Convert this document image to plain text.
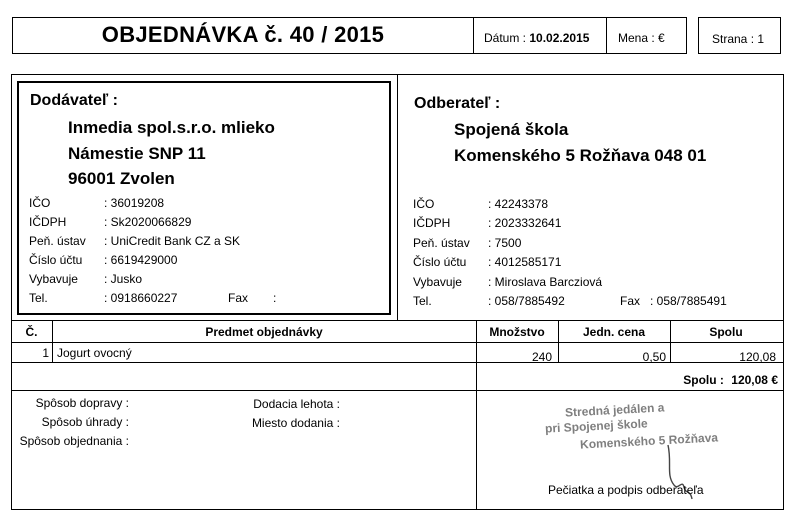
OBJEDNÁVKA č. 40 / 2015	Dátum : 10.02.2015 Mena : €	Strana : 1
Dodávateľ :
Inmedia spol.s.r.o. mlieko
Námestie SNP 11
96001 Zvolen
IČO	: 36019208
IČDPH	: Sk2020066829
Peň. ústav : UniCredit Bank CZ a SK
Číslo účtu : 6619429000
Vybavuje : Jusko
Tel.	: 0918660227	Fax :
Odberateľ :
Spojená škola
Komenského 5 Rožňava 048 01
IČO	: 42243378
IČDPH	: 2023332641
Peň. ústav : 7500
Číslo účtu : 4012585171
Vybavuje : Miroslava Barcziová
Tel.	: 058/7885492	Fax : 058/7885491
Č.	Predmet objednávky	Množstvo	Jedn. cena	Spolu
1 Jogurt ovocný	240	0,50	120,08
Spolu : 120,08 €
Spôsob dopravy :
Spôsob úhrady :
Spôsob objednania :
Dodacia lehota :
Miesto dodania :
Stredná jedálen a
pri Spojenej škole
Komenského 5 Rožňava
Pečiatka a podpis odberateľa
